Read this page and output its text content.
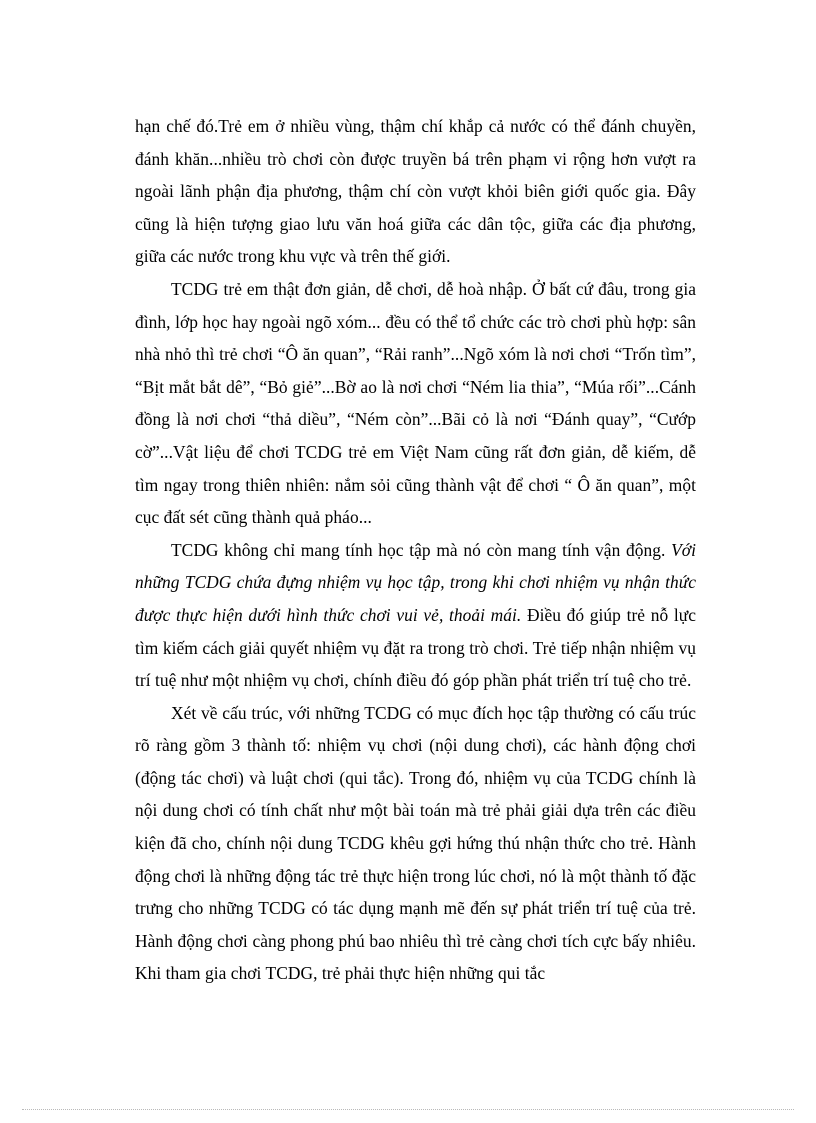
hạn chế đó.Trẻ em ở nhiều vùng, thậm chí khắp cả nước có thể đánh chuyền, đánh khăn...nhiều trò chơi còn được truyền bá trên phạm vi rộng hơn vượt ra ngoài lãnh phận địa phương, thậm chí còn vượt khỏi biên giới quốc gia. Đây cũng là hiện tượng giao lưu văn hoá giữa các dân tộc, giữa các địa phương, giữa các nước trong khu vực và trên thế giới.

TCDG trẻ em thật đơn giản, dễ chơi, dễ hoà nhập. Ở bất cứ đâu, trong gia đình, lớp học hay ngoài ngõ xóm... đều có thể tổ chức các trò chơi phù hợp: sân nhà nhỏ thì trẻ chơi “Ô ăn quan”, “Rải ranh”...Ngõ xóm là nơi chơi “Trốn tìm”, “Bịt mắt bắt dê”, “Bỏ giẻ”...Bờ ao là nơi chơi “Ném lia thia”, “Múa rối”...Cánh đồng là nơi chơi “thả diều”, “Ném còn”...Bãi cỏ là nơi “Đánh quay”, “Cướp cờ”...Vật liệu để chơi TCDG trẻ em Việt Nam cũng rất đơn giản, dễ kiếm, dễ tìm ngay trong thiên nhiên: nắm sỏi cũng thành vật để chơi “ Ô ăn quan”, một cục đất sét cũng thành quả pháo...

TCDG không chỉ mang tính học tập mà nó còn mang tính vận động. Với những TCDG chứa đựng nhiệm vụ học tập, trong khi chơi nhiệm vụ nhận thức được thực hiện dưới hình thức chơi vui vẻ, thoải mái. Điều đó giúp trẻ nỗ lực tìm kiếm cách giải quyết nhiệm vụ đặt ra trong trò chơi. Trẻ tiếp nhận nhiệm vụ trí tuệ như một nhiệm vụ chơi, chính điều đó góp phần phát triển trí tuệ cho trẻ.

Xét về cấu trúc, với những TCDG có mục đích học tập thường có cấu trúc rõ ràng gồm 3 thành tố: nhiệm vụ chơi (nội dung chơi), các hành động chơi (động tác chơi) và luật chơi (qui tắc). Trong đó, nhiệm vụ của TCDG chính là nội dung chơi có tính chất như một bài toán mà trẻ phải giải dựa trên các điều kiện đã cho, chính nội dung TCDG khêu gợi hứng thú nhận thức cho trẻ. Hành động chơi là những động tác trẻ thực hiện trong lúc chơi, nó là một thành tố đặc trưng cho những TCDG có tác dụng mạnh mẽ đến sự phát triển trí tuệ của trẻ. Hành động chơi càng phong phú bao nhiêu thì trẻ càng chơi tích cực bấy nhiêu. Khi tham gia chơi TCDG, trẻ phải thực hiện những qui tắc
